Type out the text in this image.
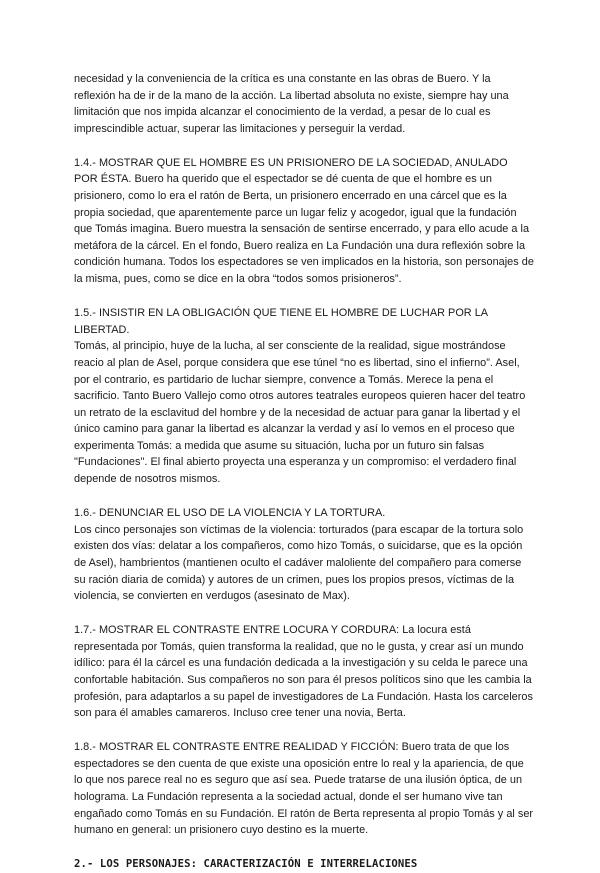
necesidad y la conveniencia de la crítica es una constante en las obras de Buero. Y la reflexión ha de ir de la mano de la acción. La libertad absoluta no existe, siempre hay una limitación que nos impida alcanzar el conocimiento de la verdad, a pesar de lo cual es imprescindible actuar, superar las limitaciones y perseguir la verdad.

1.4.- MOSTRAR QUE EL HOMBRE ES UN PRISIONERO DE LA SOCIEDAD, ANULADO POR ÉSTA. Buero ha querido que el espectador se dé cuenta de que el hombre es un prisionero, como lo era el ratón de Berta, un prisionero encerrado en una cárcel que es la propia sociedad, que aparentemente parce un lugar feliz y acogedor, igual que la fundación que Tomás imagina. Buero muestra la sensación de sentirse encerrado, y para ello acude a la metáfora de la cárcel. En el fondo, Buero realiza en La Fundación una dura reflexión sobre la condición humana. Todos los espectadores se ven implicados en la historia, son personajes de la misma, pues, como se dice en la obra “todos somos prisioneros”.

1.5.- INSISTIR EN LA OBLIGACIÓN QUE TIENE EL HOMBRE DE LUCHAR POR LA LIBERTAD.
Tomás, al principio, huye de la lucha, al ser consciente de la realidad, sigue mostrándose reacio al plan de Asel, porque considera que ese túnel “no es libertad, sino el infierno”. Asel, por el contrario, es partidario de luchar siempre, convence a Tomás. Merece la pena el sacrificio. Tanto Buero Vallejo como otros autores teatrales europeos quieren hacer del teatro un retrato de la esclavitud del hombre y de la necesidad de actuar para ganar la libertad y el único camino para ganar la libertad es alcanzar la verdad y así lo vemos en el proceso que experimenta Tomás: a medida que asume su situación, lucha por un futuro sin falsas "Fundaciones". El final abierto proyecta una esperanza y un compromiso: el verdadero final depende de nosotros mismos.

1.6.- DENUNCIAR EL USO DE LA VIOLENCIA Y LA TORTURA.
Los cinco personajes son víctimas de la violencia: torturados (para escapar de la tortura solo existen dos vías: delatar a los compañeros, como hizo Tomás, o suicidarse, que es la opción de Asel), hambrientos (mantienen oculto el cadáver maloliente del compañero para comerse su ración diaria de comida) y autores de un crimen, pues los propios presos, víctimas de la violencia, se convierten en verdugos (asesinato de Max).

1.7.- MOSTRAR EL CONTRASTE ENTRE LOCURA Y CORDURA: La locura está representada por Tomás, quien transforma la realidad, que no le gusta, y crear así un mundo idílico: para él la cárcel es una fundación dedicada a la investigación y su celda le parece una confortable habitación. Sus compañeros no son para él presos políticos sino que les cambia la profesión, para adaptarlos a su papel de investigadores de La Fundación. Hasta los carceleros son para él amables camareros. Incluso cree tener una novia, Berta.

1.8.- MOSTRAR EL CONTRASTE ENTRE REALIDAD Y FICCIÓN: Buero trata de que los espectadores se den cuenta de que existe una oposición entre lo real y la apariencia, de que lo que nos parece real no es seguro que así sea. Puede tratarse de una ilusión óptica, de un holograma. La Fundación representa a la sociedad actual, donde el ser humano vive tan engañado como Tomás en su Fundación. El ratón de Berta representa al propio Tomás y al ser humano en general: un prisionero cuyo destino es la muerte.

2.- LOS PERSONAJES: CARACTERIZACIÓN E INTERRELACIONES
